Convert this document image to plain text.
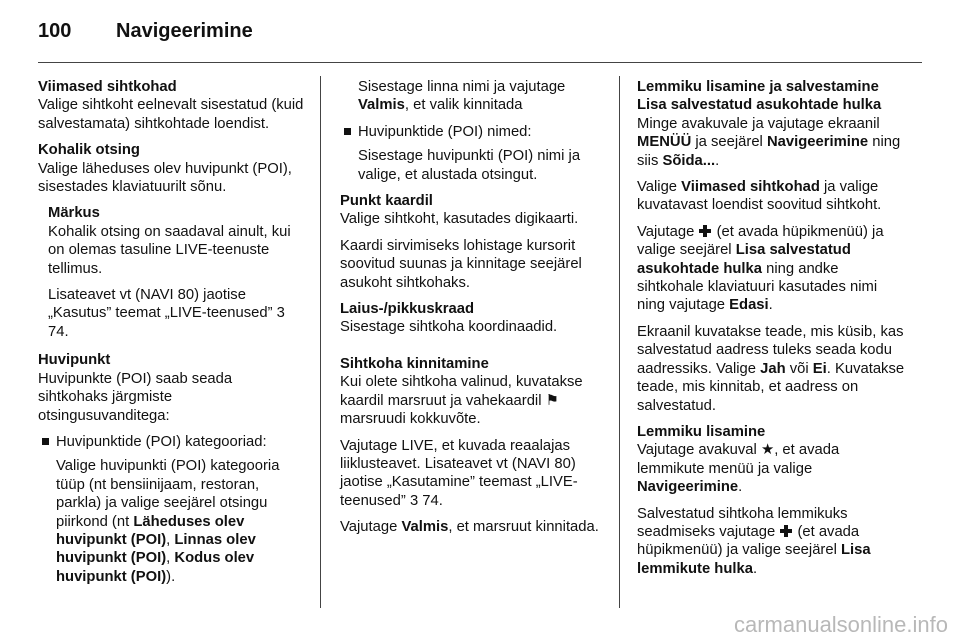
100 Navigeerimine
Viimased sihtkohad
Valige sihtkoht eelnevalt sisestatud (kuid salvestamata) sihtkohtade loendist.
Kohalik otsing
Valige läheduses olev huvipunkt (POI), sisestades klaviatuurilt sõnu.
Märkus

Kohalik otsing on saadaval ainult, kui on olemas tasuline LIVE-teenuste tellimus.

Lisateavet vt (NAVI 80) jaotise „Kasutus” teemat „LIVE-teenused” 3 74.
Huvipunkt
Huvipunkte (POI) saab seada sihtkohaks järgmiste otsingusuvanditega:
Huvipunktide (POI) kategooriad:
Valige huvipunkti (POI) kategooria tüüp (nt bensiinijaam, restoran, parkla) ja valige seejärel otsingu piirkond (nt Läheduses olev huvipunkt (POI), Linnas olev huvipunkt (POI), Kodus olev huvipunkt (POI)).

Sisestage linna nimi ja vajutage Valmis, et valik kinnitada

Huvipunktide (POI) nimed:

Sisestage huvipunkti (POI) nimi ja valige, et alustada otsingut.

Punkt kaardil
Valige sihtkoht, kasutades digikaarti.

Kaardi sirvimiseks lohistage kursorit soovitud suunas ja kinnitage seejärel asukoht sihtkohaks.

Laius-/pikkuskraad
Sisestage sihtkoha koordinaadid.
Sihtkoha kinnitamine
Kui olete sihtkoha valinud, kuvatakse kaardil marsruut ja vahekaardil ⚑ marsruudi kokkuvõte.

Vajutage LIVE, et kuvada reaalajas liiklusteavet. Lisateavet vt (NAVI 80) jaotise „Kasutamine” teemast „LIVE-teenused” 3 74.

Vajutage Valmis, et marsruut kinnitada.

Lemmiku lisamine ja salvestamine
Lisa salvestatud asukohtade hulka

Minge avakuvale ja vajutage ekraanil MENÜÜ ja seejärel Navigeerimine ning siis Sõida....

Valige Viimased sihtkohad ja valige kuvatavast loendist soovitud sihtkoht.

Vajutage (et avada hüpikmenüü) ja valige seejärel Lisa salvestatud asukohtade hulka ning andke sihtkohale klaviatuuri kasutades nimi ning vajutage Edasi.

Ekraanil kuvatakse teade, mis küsib, kas salvestatud aadress tuleks seada kodu aadressiks. Valige Jah või Ei. Kuvatakse teade, mis kinnitab, et aadress on salvestatud.

Lemmiku lisamine
Vajutage avakuval ★, et avada lemmikute menüü ja valige Navigeerimine.

Salvestatud sihtkoha lemmikuks seadmiseks vajutage (et avada hüpikmenüü) ja valige seejärel Lisa lemmikute hulka.

carmanualsonline.info
